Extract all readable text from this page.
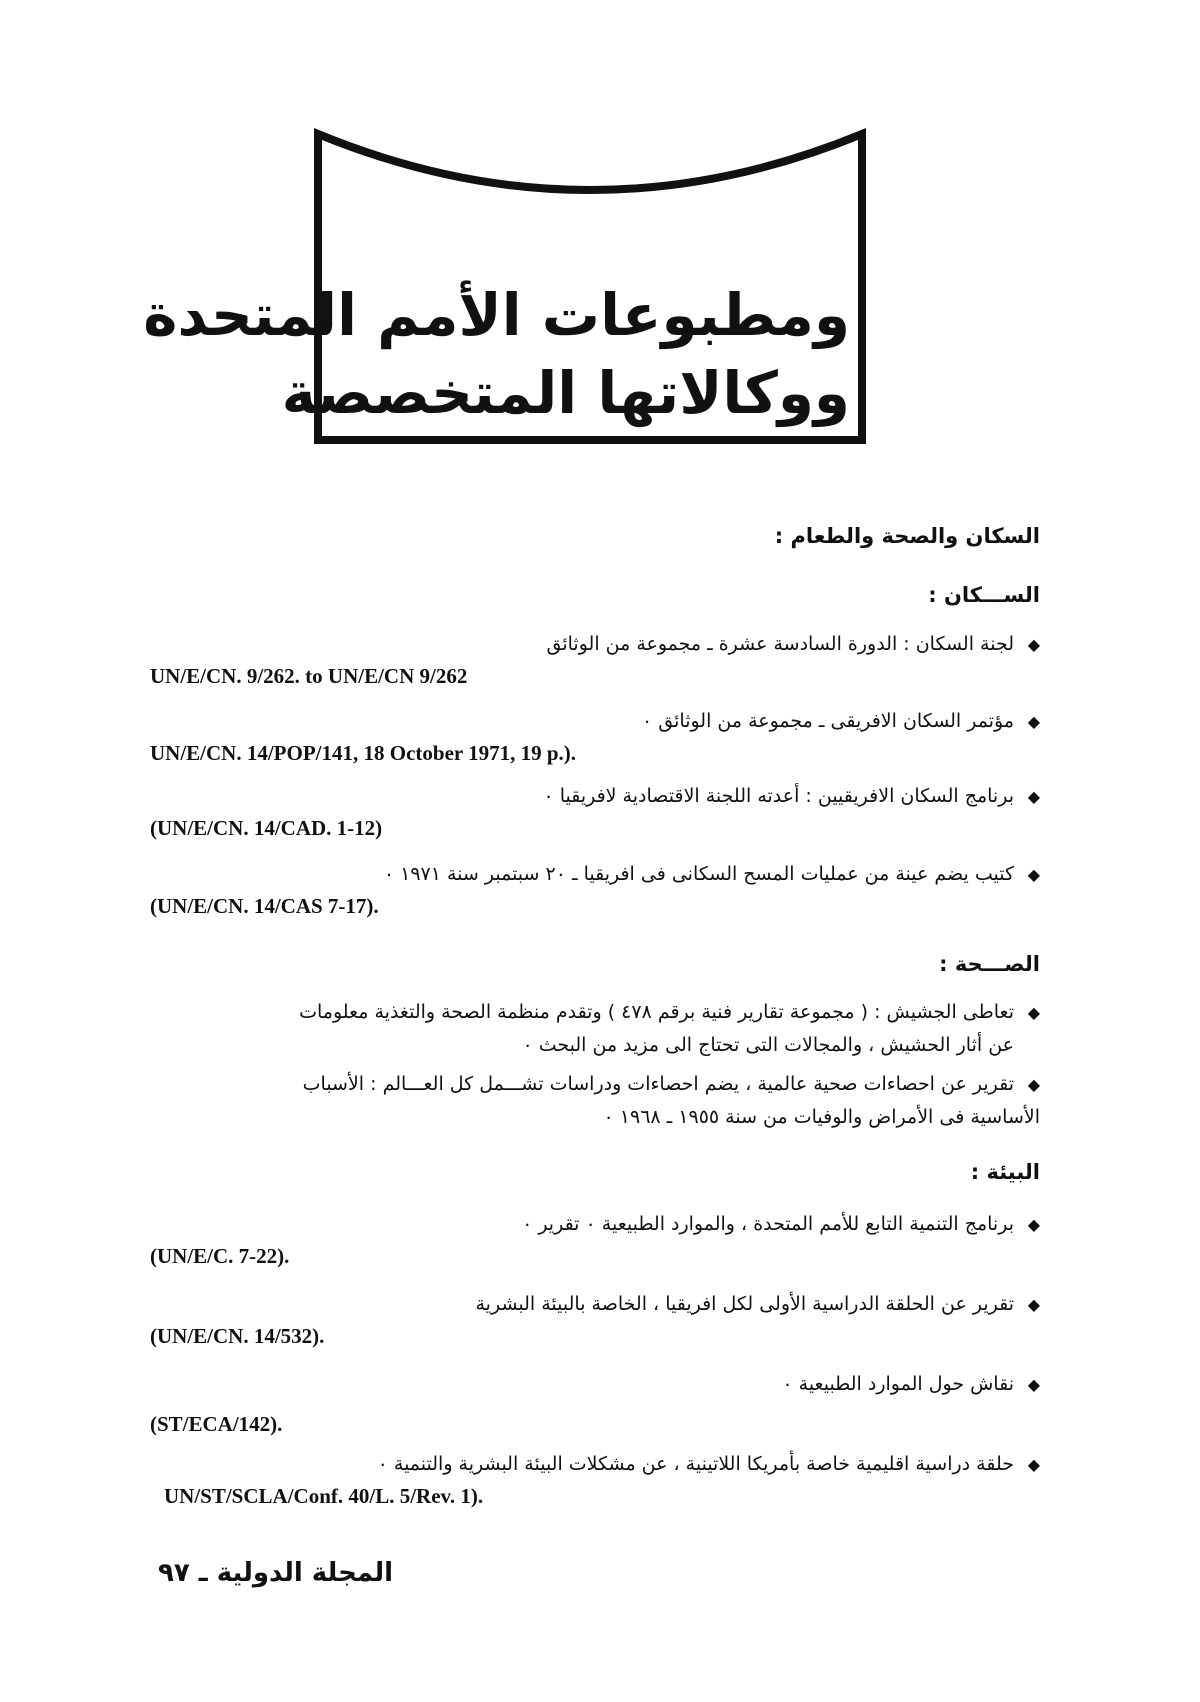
ومطبوعات الأمم المتحدة
ووكالاتها المتخصصة
السكان والصحة والطعام :
الســـكان :
◆لجنة السكان : الدورة السادسة عشرة ـ مجموعة من الوثائق
UN/E/CN. 9/262. to UN/E/CN 9/262
◆مؤتمر السكان الافريقى ـ مجموعة من الوثائق ٠
UN/E/CN. 14/POP/141, 18 October 1971, 19 p.).
◆برنامج السكان الافريقيين : أعدته اللجنة الاقتصادية لافريقيا ٠
(UN/E/CN. 14/CAD. 1-12)
◆كتيب يضم عينة من عمليات المسح السكانى فى افريقيا ـ ٢٠ سبتمبر سنة ١٩٧١ ٠
(UN/E/CN. 14/CAS 7-17).
الصـــحة :
◆تعاطى الجشيش : ( مجموعة تقارير فنية برقم ٤٧٨ ) وتقدم منظمة الصحة والتغذية معلومات
عن أثار الحشيش ، والمجالات التى تحتاج الى مزيد من البحث ٠
◆تقرير عن احصاءات صحية عالمية ، يضم احصاءات ودراسات تشـــمل كل العـــالم : الأسباب
الأساسية فى الأمراض والوفيات من سنة ١٩٥٥ ـ ١٩٦٨ ٠
البيئة :
◆برنامج التنمية التابع للأمم المتحدة ، والموارد الطبيعية ٠ تقرير ٠
(UN/E/C. 7-22).
◆تقرير عن الحلقة الدراسية الأولى لكل افريقيا ، الخاصة بالبيئة البشرية
(UN/E/CN. 14/532).
◆نقاش حول الموارد الطبيعية ٠
(ST/ECA/142).
◆حلقة دراسية اقليمية خاصة بأمريكا اللاتينية ، عن مشكلات البيئة البشرية والتنمية ٠
UN/ST/SCLA/Conf. 40/L. 5/Rev. 1).
المجلة الدولية ـ ٩٧
